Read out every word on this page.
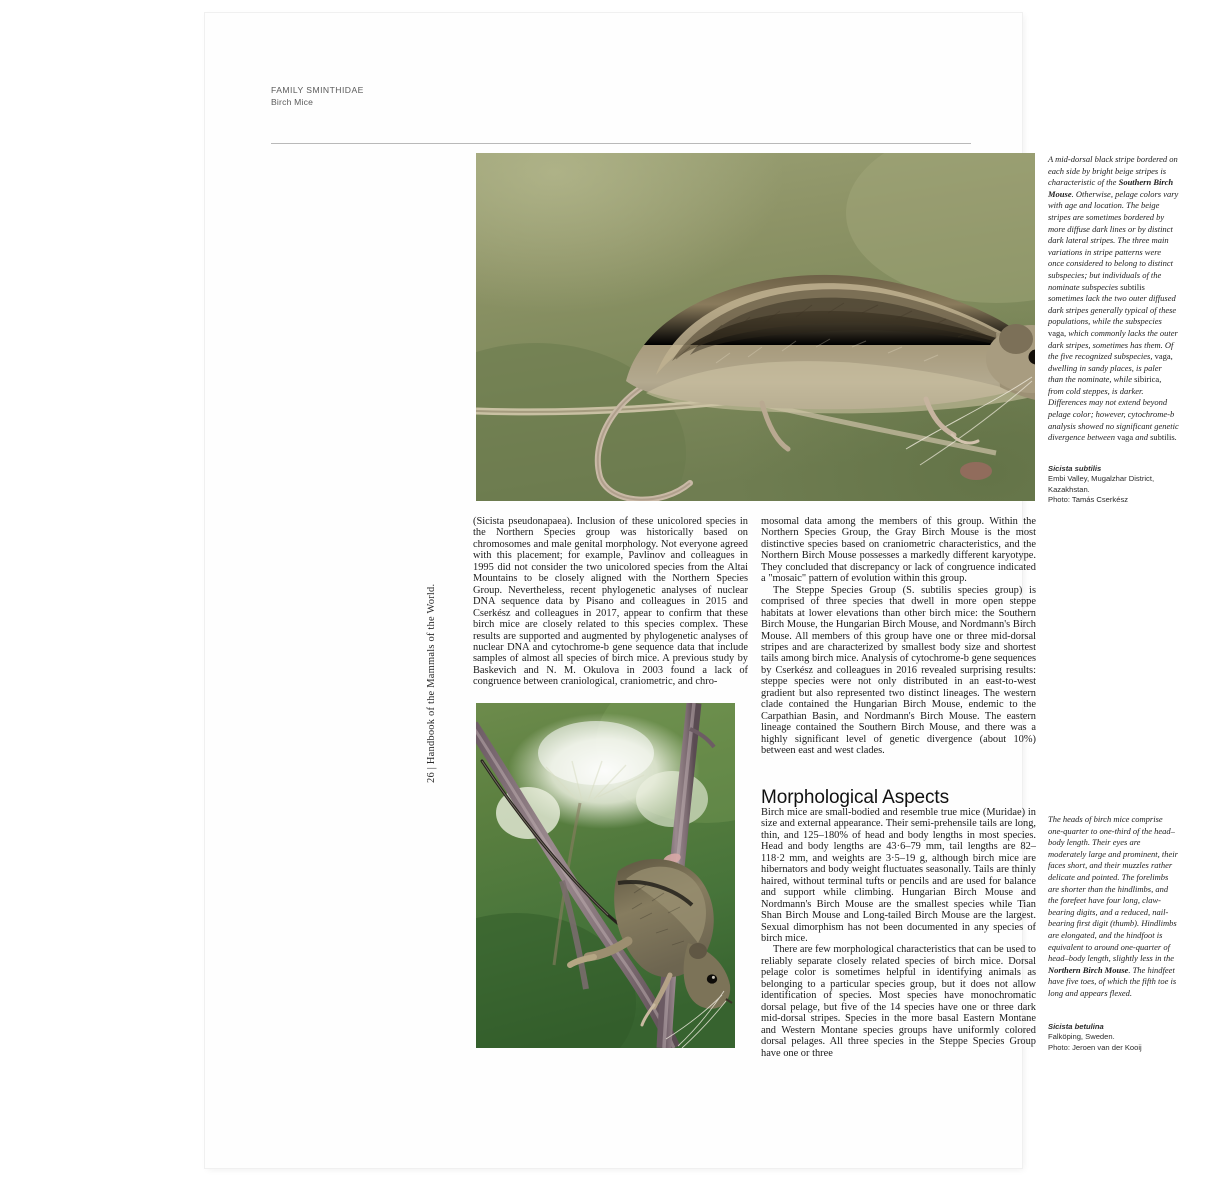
FAMILY SMINTHIDAE
Birch Mice
26 | Handbook of the Mammals of the World.

(Sicista pseudonapaea). Inclusion of these unicolored species in the Northern Species group was historically based on chromosomes and male genital morphology. Not everyone agreed with this placement; for example, Pavlinov and colleagues in 1995 did not consider the two unicolored species from the Altai Mountains to be closely aligned with the Northern Species Group. Nevertheless, recent phylogenetic analyses of nuclear DNA sequence data by Pisano and colleagues in 2015 and Cserkész and colleagues in 2017, appear to confirm that these birch mice are closely related to this species complex. These results are supported and augmented by phylogenetic analyses of nuclear DNA and cytochrome-b gene sequence data that include samples of almost all species of birch mice. A previous study by Baskevich and N. M. Okulova in 2003 found a lack of congruence between craniological, craniometric, and chro-

mosomal data among the members of this group. Within the Northern Species Group, the Gray Birch Mouse is the most distinctive species based on craniometric characteristics, and the Northern Birch Mouse possesses a markedly different karyotype. They concluded that discrepancy or lack of congruence indicated a "mosaic" pattern of evolution within this group.

The Steppe Species Group (S. subtilis species group) is comprised of three species that dwell in more open steppe habitats at lower elevations than other birch mice: the Southern Birch Mouse, the Hungarian Birch Mouse, and Nordmann's Birch Mouse. All members of this group have one or three mid-dorsal stripes and are characterized by smallest body size and shortest tails among birch mice. Analysis of cytochrome-b gene sequences by Cserkész and colleagues in 2016 revealed surprising results: steppe species were not only distributed in an east-to-west gradient but also represented two distinct lineages. The western clade contained the Hungarian Birch Mouse, endemic to the Carpathian Basin, and Nordmann's Birch Mouse. The eastern lineage contained the Southern Birch Mouse, and there was a highly significant level of genetic divergence (about 10%) between east and west clades.

Morphological Aspects

Birch mice are small-bodied and resemble true mice (Muridae) in size and external appearance. Their semi-prehensile tails are long, thin, and 125–180% of head and body lengths in most species. Head and body lengths are 43·6–79 mm, tail lengths are 82–118·2 mm, and weights are 3·5–19 g, although birch mice are hibernators and body weight fluctuates seasonally. Tails are thinly haired, without terminal tufts or pencils and are used for balance and support while climbing. Hungarian Birch Mouse and Nordmann's Birch Mouse are the smallest species while Tian Shan Birch Mouse and Long-tailed Birch Mouse are the largest. Sexual dimorphism has not been documented in any species of birch mice.

There are few morphological characteristics that can be used to reliably separate closely related species of birch mice. Dorsal pelage color is sometimes helpful in identifying animals as belonging to a particular species group, but it does not allow identification of species. Most species have monochromatic dorsal pelage, but five of the 14 species have one or three dark mid-dorsal stripes. Species in the more basal Eastern Montane and Western Montane species groups have uniformly colored dorsal pelages. All three species in the Steppe Species Group have one or three

A mid-dorsal black stripe bordered on each side by bright beige stripes is characteristic of the Southern Birch Mouse. Otherwise, pelage colors vary with age and location. The beige stripes are sometimes bordered by more diffuse dark lines or by distinct dark lateral stripes. The three main variations in stripe patterns were once considered to belong to distinct subspecies; but individuals of the nominate subspecies subtilis sometimes lack the two outer diffused dark stripes generally typical of these populations, while the subspecies vaga, which commonly lacks the outer dark stripes, sometimes has them. Of the five recognized subspecies, vaga, dwelling in sandy places, is paler than the nominate, while sibirica, from cold steppes, is darker. Differences may not extend beyond pelage color; however, cytochrome-b analysis showed no significant genetic divergence between vaga and subtilis.
Sicista subtilis
Embi Valley, Mugalzhar District,
Kazakhstan.
Photo: Tamás Cserkész
The heads of birch mice comprise one-quarter to one-third of the head–body length. Their eyes are moderately large and prominent, their faces short, and their muzzles rather delicate and pointed. The forelimbs are shorter than the hindlimbs, and the forefeet have four long, claw-bearing digits, and a reduced, nail-bearing first digit (thumb). Hindlimbs are elongated, and the hindfoot is equivalent to around one-quarter of head–body length, slightly less in the Northern Birch Mouse. The hindfeet have five toes, of which the fifth toe is long and appears flexed.
Sicista betulina
Falköping, Sweden.
Photo: Jeroen van der Kooij
